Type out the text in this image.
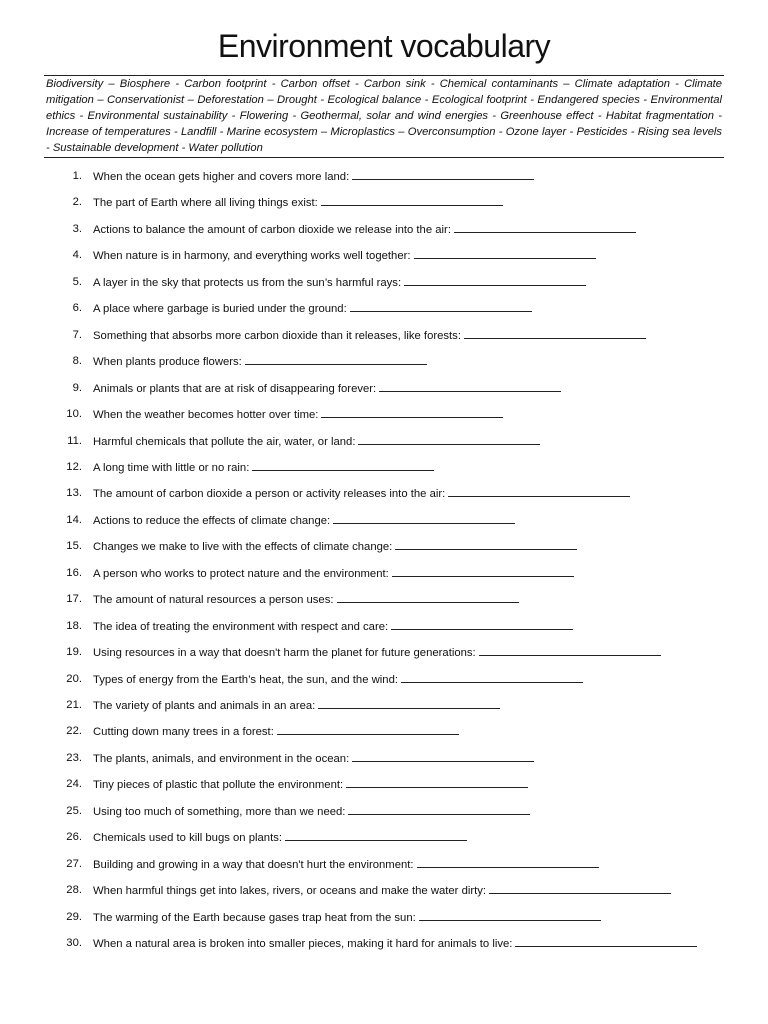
Environment vocabulary
Biodiversity – Biosphere - Carbon footprint - Carbon offset - Carbon sink - Chemical contaminants – Climate adaptation - Climate mitigation – Conservationist – Deforestation – Drought - Ecological balance - Ecological footprint - Endangered species - Environmental ethics - Environmental sustainability - Flowering - Geothermal, solar and wind energies - Greenhouse effect - Habitat fragmentation - Increase of temperatures - Landfill - Marine ecosystem – Microplastics – Overconsumption - Ozone layer - Pesticides - Rising sea levels - Sustainable development - Water pollution
1. When the ocean gets higher and covers more land:
2. The part of Earth where all living things exist:
3. Actions to balance the amount of carbon dioxide we release into the air:
4. When nature is in harmony, and everything works well together:
5. A layer in the sky that protects us from the sun’s harmful rays:
6. A place where garbage is buried under the ground:
7. Something that absorbs more carbon dioxide than it releases, like forests:
8. When plants produce flowers:
9. Animals or plants that are at risk of disappearing forever:
10. When the weather becomes hotter over time:
11. Harmful chemicals that pollute the air, water, or land:
12. A long time with little or no rain:
13. The amount of carbon dioxide a person or activity releases into the air:
14. Actions to reduce the effects of climate change:
15. Changes we make to live with the effects of climate change:
16. A person who works to protect nature and the environment:
17. The amount of natural resources a person uses:
18. The idea of treating the environment with respect and care:
19. Using resources in a way that doesn't harm the planet for future generations:
20. Types of energy from the Earth’s heat, the sun, and the wind:
21. The variety of plants and animals in an area:
22. Cutting down many trees in a forest:
23. The plants, animals, and environment in the ocean:
24. Tiny pieces of plastic that pollute the environment:
25. Using too much of something, more than we need:
26. Chemicals used to kill bugs on plants:
27. Building and growing in a way that doesn't hurt the environment:
28. When harmful things get into lakes, rivers, or oceans and make the water dirty:
29. The warming of the Earth because gases trap heat from the sun:
30. When a natural area is broken into smaller pieces, making it hard for animals to live:
